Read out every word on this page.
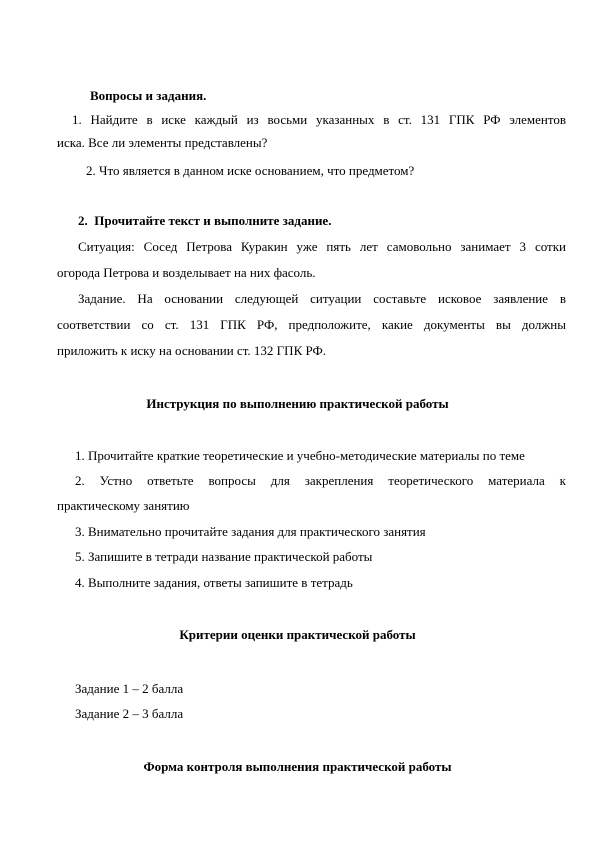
Вопросы и задания.
1. Найдите в иске каждый из восьми указанных в ст. 131 ГПК РФ элементов
иска. Все ли элементы представлены?
2. Что является в данном иске основанием, что предметом?
2. Прочитайте текст и выполните задание.
Ситуация: Сосед Петрова Куракин уже пять лет самовольно занимает 3 сотки
огорода Петрова и возделывает на них фасоль.
Задание. На основании следующей ситуации составьте исковое заявление в
соответствии со ст. 131 ГПК РФ, предположите, какие документы вы должны
приложить к иску на основании ст. 132 ГПК РФ.
Инструкция по выполнению практической работы
1. Прочитайте краткие теоретические и учебно-методические материалы по теме
2. Устно ответьте вопросы для закрепления теоретического материала к
практическому занятию
3. Внимательно прочитайте задания для практического занятия
5. Запишите в тетради название практической работы
4. Выполните задания, ответы запишите в тетрадь
Критерии оценки практической работы
Задание 1 – 2 балла
Задание 2 – 3 балла
Форма контроля выполнения практической работы
